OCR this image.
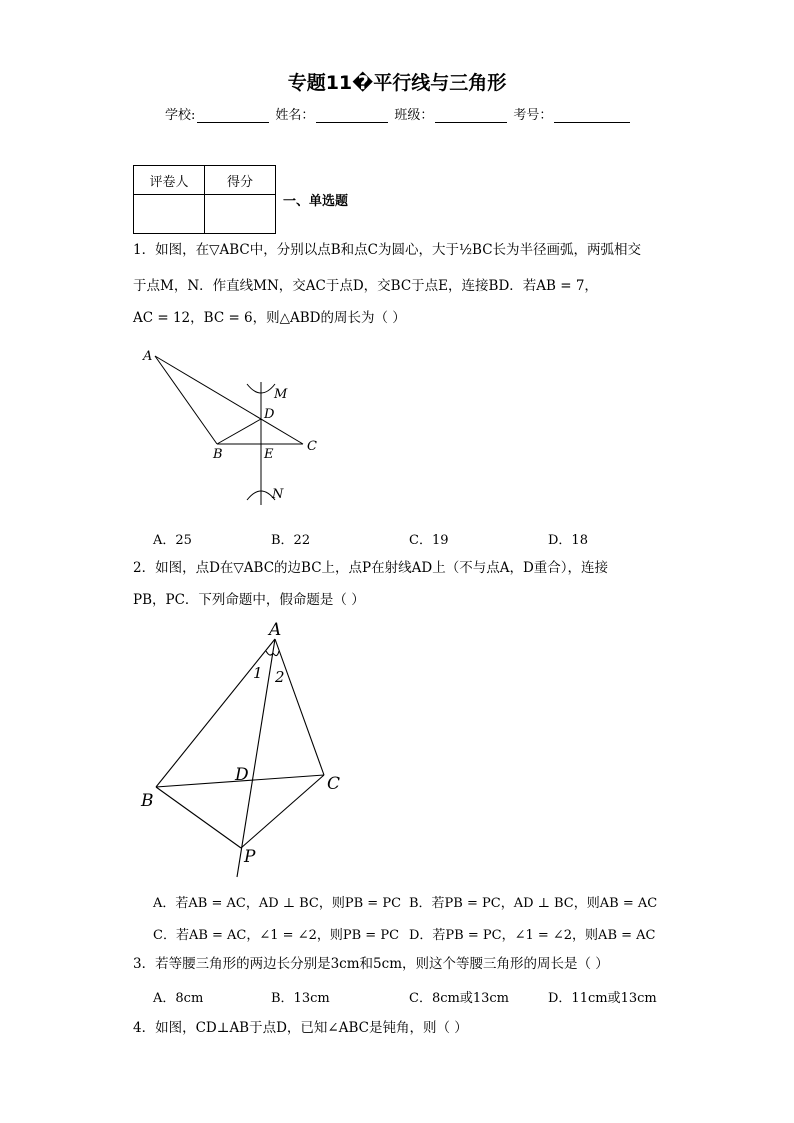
专题11�平行线与三角形
学校:	姓名：	班级：	考号：
评卷人	得分

一、单选题
1．如图，在▽ABC中，分别以点B和点C为圆心，大于½BC长为半径画弧，两弧相交
于点M，N．作直线MN，交AC于点D，交BC于点E，连接BD．若AB = 7，
AC = 12，BC = 6，则△ABD的周长为（ ）
A
B
C
D
E
M
N
A．25	B．22	C．19	D．18
2．如图，点D在▽ABC的边BC上，点P在射线AD上（不与点A，D重合），连接
PB，PC．下列命题中，假命题是（ ）
A
B
C
D
P
1 2
A．若AB = AC，AD ⊥ BC，则PB = PC B．若PB = PC，AD ⊥ BC，则AB = AC
C．若AB = AC，∠1 = ∠2，则PB = PC D．若PB = PC，∠1 = ∠2，则AB = AC
3．若等腰三角形的两边长分别是3cm和5cm，则这个等腰三角形的周长是（ ）
A．8cm	B．13cm	C．8cm或13cm	D．11cm或13cm
4．如图，CD⊥AB于点D，已知∠ABC是钝角，则（ ）
